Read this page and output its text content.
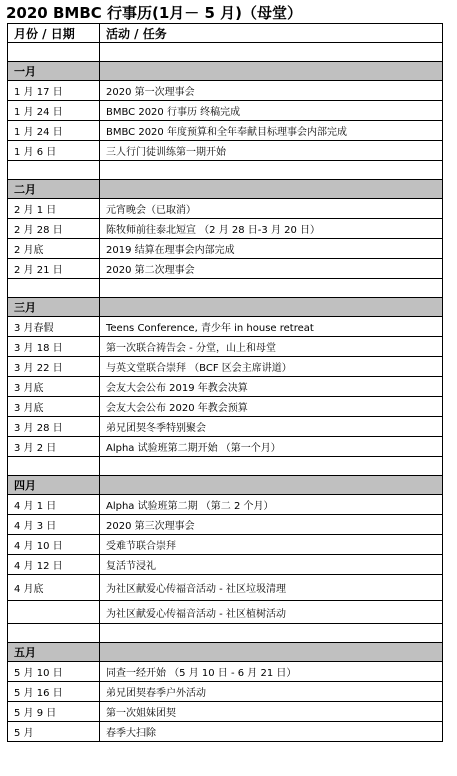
2020 BMBC 行事历(1月－ 5 月)（母堂）
月份 / 日期	活动 / 任务

一月	
1 月 17 日	2020 第一次理事会
1 月 24 日	BMBC 2020 行事历 终稿完成
1 月 24 日	BMBC 2020 年度预算和全年奉献目标理事会内部完成
1 月 6 日	三人行门徒训练第一期开始

二月	
2 月 1 日	元宵晚会（已取消）
2 月 28 日	陈牧师前往泰北短宣 （2 月 28 日-3 月 20 日）
2 月底	2019 结算在理事会内部完成
2 月 21 日	2020 第二次理事会

三月	
3 月春假	Teens Conference, 青少年 in house retreat
3 月 18 日	第一次联合祷告会 - 分堂，山上和母堂
3 月 22 日	与英文堂联合崇拜 （BCF 区会主席讲道）
3 月底	会友大会公布 2019 年教会决算
3 月底	会友大会公布 2020 年教会预算
3 月 28 日	弟兄团契冬季特别聚会
3 月 2 日	Alpha 试验班第二期开始 （第一个月）

四月	
4 月 1 日	Alpha 试验班第二期 （第二 2 个月）
4 月 3 日	2020 第三次理事会
4 月 10 日	受难节联合崇拜
4 月 12 日	复活节浸礼
4 月底	为社区献爱心传福音活动 - 社区垃圾清理
	为社区献爱心传福音活动 - 社区植树活动

五月	
5 月 10 日	同查一经开始 （5 月 10 日 - 6 月 21 日）
5 月 16 日	弟兄团契春季户外活动
5 月 9 日	第一次姐妹团契
5 月	春季大扫除
